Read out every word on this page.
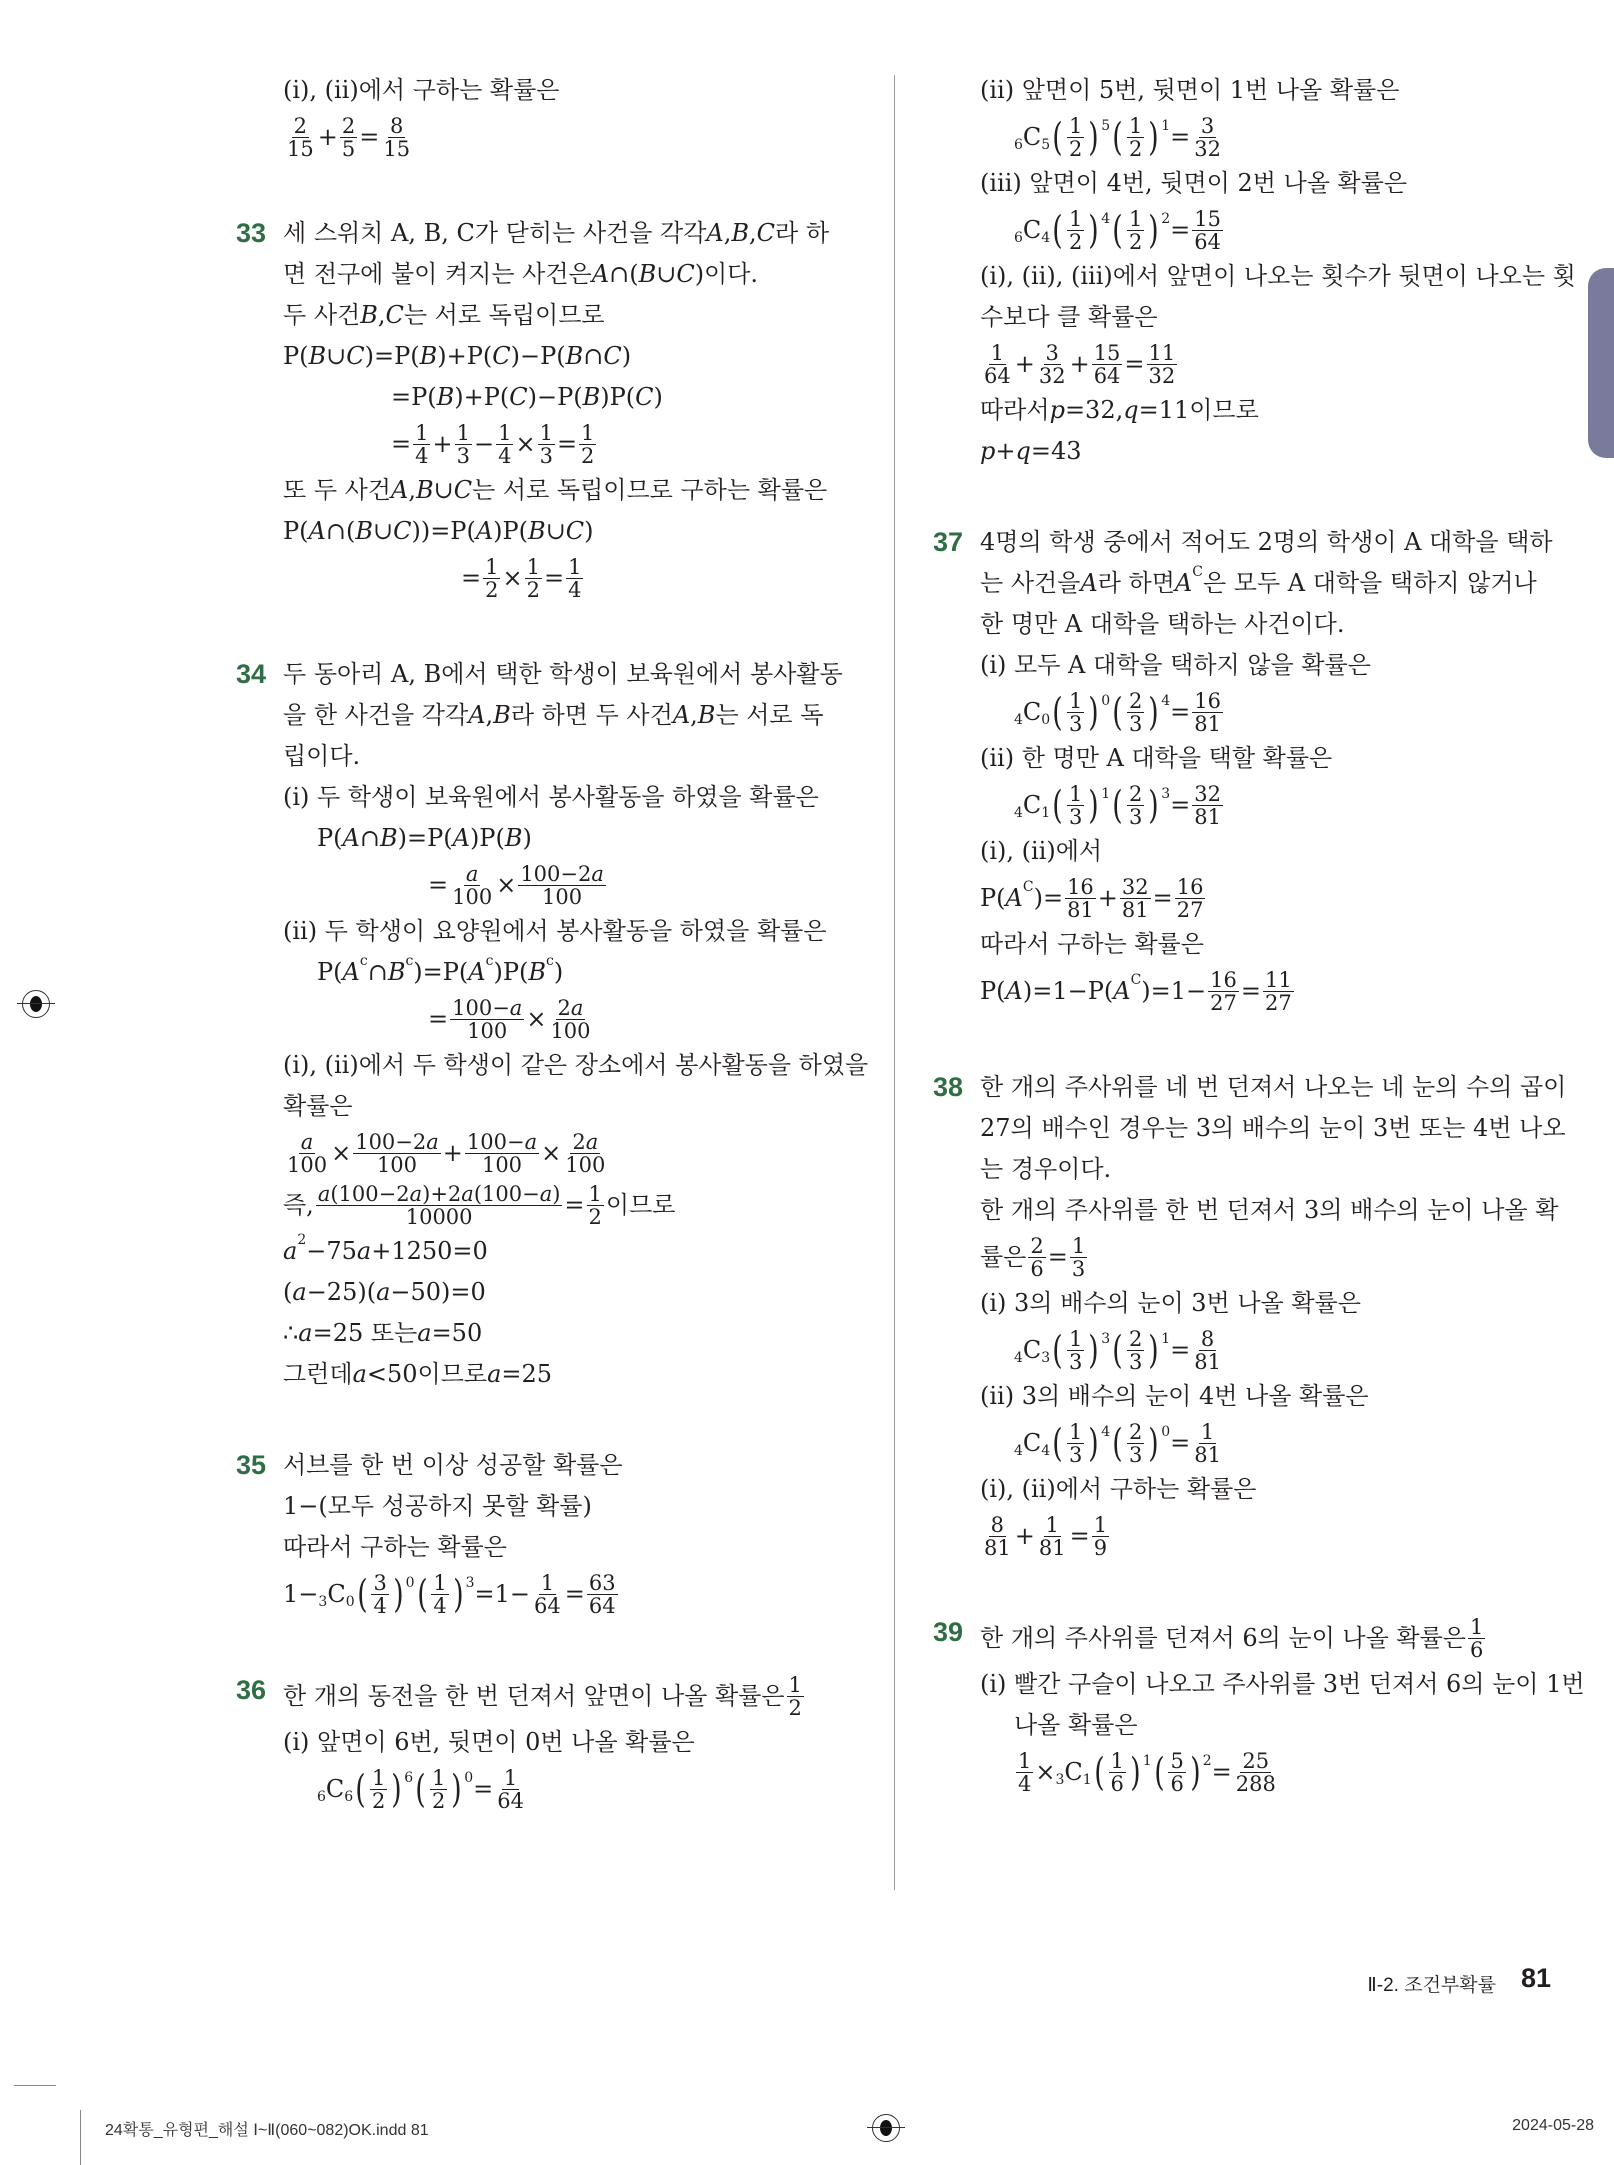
(ⅰ), (ⅱ)에서 구하는 확률은
$\frac{2}{15} + \frac{2}{5} = \frac{8}{15}$
33 세 스위치 A, B, C가 닫히는 사건을 각각 A , B , C 라 하
면 전구에 불이 켜지는 사건은 A ∩( B ∪ C )이다.
두 사건 B , C 는 서로 독립이므로
P( B ∪ C )=P( B )+P( C )−P( B ∩ C )
=P( B )+P( C )−P( B )P( C )
= $\frac{1}{4} + \frac{1}{3} - \frac{1}{4} \times \frac{1}{3} = \frac{1}{2}$
또 두 사건 A , B ∪ C 는 서로 독립이므로 구하는 확률은
P( A ∩( B ∪ C ))=P( A )P( B ∪ C )
= $\frac{1}{2} \times \frac{1}{2} = \frac{1}{4}$
34 두 동아리 A, B에서 택한 학생이 보육원에서 봉사활동
을 한 사건을 각각 A , B 라 하면 두 사건 A , B 는 서로 독
립이다.
(ⅰ) 두 학생이 보육원에서 봉사활동을 하였을 확률은
P( A ∩ B )=P( A )P( B )
= $\frac{a}{100} \times \frac{100-2a}{100}$
(ⅱ) 두 학생이 요양원에서 봉사활동을 하였을 확률은
P( A c ∩ B c )=P( A c )P( B c )
= $\frac{100-a}{100} \times \frac{2a}{100}$
(ⅰ), (ⅱ)에서 두 학생이 같은 장소에서 봉사활동을 하였을
확률은
$\frac{a}{100} \times \frac{100-2a}{100} + \frac{100-a}{100} \times \frac{2a}{100}$
즉, $\frac{a(100-2a)+2a(100-a)}{10000} = \frac{1}{2}$ 이므로
a 2 −75 a +1250=0
( a −25)( a −50)=0
∴ a =25 또는 a =50
그런데 a <50이므로 a =25
35 서브를 한 번 이상 성공할 확률은
1−(모두 성공하지 못할 확률)
따라서 구하는 확률은
1− 3 C 0 ( $\frac{3}{4}$ ) 0 ( $\frac{1}{4}$ ) $3 =1- \frac{1}{64} = \frac{63}{64}$
36 한 개의 동전을 한 번 던져서 앞면이 나올 확률은 $\frac{1}{2}$
(ⅰ) 앞면이 6번, 뒷면이 0번 나올 확률은
6 C 6 ( $\frac{1}{2}$ ) 6 ( $\frac{1}{2}$ ) $0 = \frac{1}{64}$
(ⅱ) 앞면이 5번, 뒷면이 1번 나올 확률은
6 C 5 ( $\frac{1}{2}$ ) 5 ( $\frac{1}{2}$ ) $1 = \frac{3}{32}$
(ⅲ) 앞면이 4번, 뒷면이 2번 나올 확률은
6 C 4 ( $\frac{1}{2}$ ) 4 ( $\frac{1}{2}$ ) $2 = \frac{15}{64}$
(ⅰ), (ⅱ), (ⅲ)에서 앞면이 나오는 횟수가 뒷면이 나오는 횟
수보다 클 확률은
$\frac{1}{64} + \frac{3}{32} + \frac{15}{64} = \frac{11}{32}$
따라서 p =32, q =11이므로
p + q =43
37 4명의 학생 중에서 적어도 2명의 학생이 A 대학을 택하
는 사건을 A 라 하면 A C 은 모두 A 대학을 택하지 않거나
한 명만 A 대학을 택하는 사건이다.
(ⅰ) 모두 A 대학을 택하지 않을 확률은
4 C 0 ( $\frac{1}{3}$ ) 0 ( $\frac{2}{3}$ ) $4 = \frac{16}{81}$
(ⅱ) 한 명만 A 대학을 택할 확률은
4 C 1 ( $\frac{1}{3}$ ) 1 ( $\frac{2}{3}$ ) $3 = \frac{32}{81}$
(ⅰ), (ⅱ)에서
P( A C )= $\frac{16}{81} + \frac{32}{81} = \frac{16}{27}$
따라서 구하는 확률은
P( A )=1−P( A C )$=1- \frac{16}{27} = \frac{11}{27}$
38 한 개의 주사위를 네 번 던져서 나오는 네 눈의 수의 곱이
27의 배수인 경우는 3의 배수의 눈이 3번 또는 4번 나오
는 경우이다.
한 개의 주사위를 한 번 던져서 3의 배수의 눈이 나올 확
률은 $\frac{2}{6} = \frac{1}{3}$
(ⅰ) 3의 배수의 눈이 3번 나올 확률은
4 C 3 ( $\frac{1}{3}$ ) 3 ( $\frac{2}{3}$ ) $1 = \frac{8}{81}$
(ⅱ) 3의 배수의 눈이 4번 나올 확률은
4 C 4 ( $\frac{1}{3}$ ) 4 ( $\frac{2}{3}$ ) $0 = \frac{1}{81}$
(ⅰ), (ⅱ)에서 구하는 확률은
$\frac{8}{81} + \frac{1}{81} = \frac{1}{9}$
39 한 개의 주사위를 던져서 6의 눈이 나올 확률은 $\frac{1}{6}$
(ⅰ) 빨간 구슬이 나오고 주사위를 3번 던져서 6의 눈이 1번
나올 확률은
$\frac{1}{4} \times 3$ C 1 ( $\frac{1}{6}$ ) 1 ( $\frac{5}{6}$ ) $2 = \frac{25}{288}$
Ⅱ-2. 조건부확률 81
24확통_유형편_해설 Ⅰ~Ⅱ(060~082)OK.indd 81	2024-05-28
